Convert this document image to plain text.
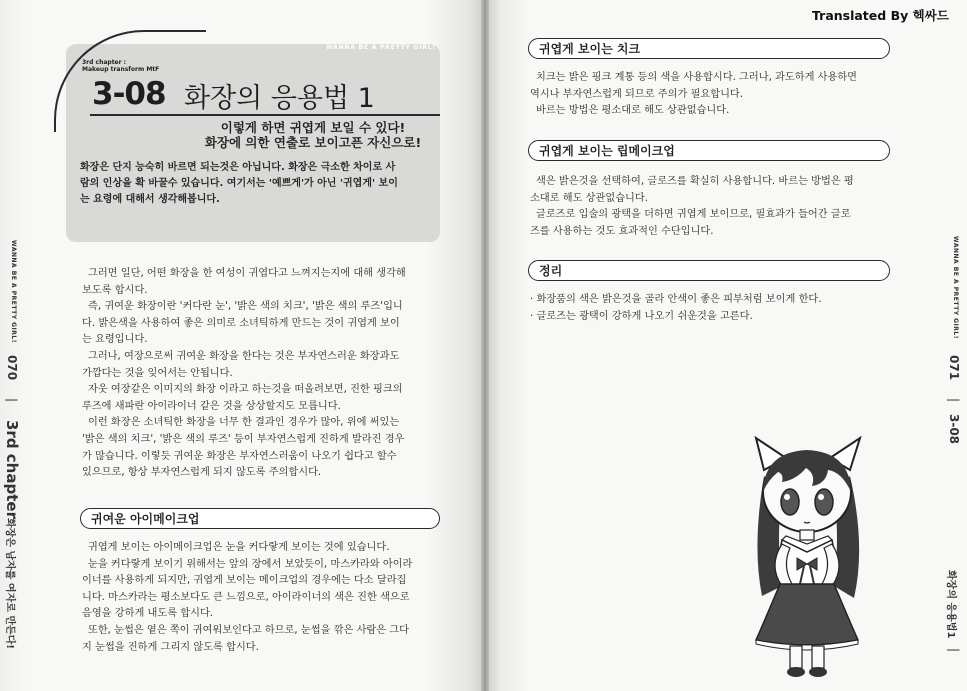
WANNA BE A PRETTY GIRL!
070
|
3rd chapter
화장은 남자를 여자로 만든다!
WANNA BE A PRETTY GIRL!
071
|
3-08
화장의 응용법1
|
WANNA BE A PRETTY GIRL!
3rd chapter :
Makeup transform MtF
3-08 화장의 응용법 1
이렇게 하면 귀엽게 보일 수 있다!
화장에 의한 연출로 보이고픈 자신으로!
화장은 단지 능숙히 바르면 되는것은 아닙니다. 화장은 극소한 차이로 사
람의 인상을 확 바꿀수 있습니다. 여기서는 '예쁘게'가 아닌 '귀엽게' 보이
는 요령에 대해서 생각해봅니다.
그러면 일단, 어떤 화장을 한 여성이 귀엽다고 느껴지는지에 대해 생각해
보도록 합시다.
즉, 귀여운 화장이란 '커다란 눈', '밝은 색의 치크', '밝은 색의 루즈'입니
다. 밝은색을 사용하여 좋은 의미로 소녀틱하게 만드는 것이 귀엽게 보이
는 요령입니다.
그러나, 여장으로써 귀여운 화장을 한다는 것은 부자연스러운 화장과도
가깝다는 것을 잊어서는 안됩니다.
자웃 여장같은 이미지의 화장 이라고 하는것을 떠올려보면, 진한 핑크의
루즈에 새파란 아이라이너 같은 것을 상상할지도 모릅니다.
이런 화장은 소녀틱한 화장을 너무 한 결과인 경우가 많아, 위에 써있는
'밝은 색의 치크', '밝은 색의 루즈' 등이 부자연스럽게 진하게 발라진 경우
가 많습니다. 이렇듯 귀여운 화장은 부자연스러움이 나오기 쉽다고 할수
있으므로, 항상 부자연스럽게 되지 않도록 주의합시다.
귀여운 아이메이크업
귀엽게 보이는 아이메이크업은 눈을 커다랗게 보이는 것에 있습니다.
눈을 커다랗게 보이기 위해서는 앞의 장에서 보았듯이, 마스카라와 아이라
이너를 사용하게 되지만, 귀엽게 보이는 메이크업의 경우에는 다소 달라집
니다. 마스카라는 평소보다도 큰 느낌으로, 아이라이너의 색은 진한 색으로
음영을 강하게 내도록 합시다.
또한, 눈썹은 옅은 쪽이 귀여워보인다고 하므로, 눈썹을 깎은 사람은 그다
지 눈썹을 진하게 그리지 않도록 합시다.
Translated By 헥싸드
귀엽게 보이는 치크
치크는 밝은 핑크 계통 등의 색을 사용합시다. 그러나, 과도하게 사용하면
역시나 부자연스럽게 되므로 주의가 필요합니다.
바르는 방법은 평소대로 해도 상관없습니다.
귀엽게 보이는 립메이크업
색은 밝은것을 선택하여, 글로즈를 확실히 사용합니다. 바르는 방법은 평
소대로 해도 상관없습니다.
글로즈로 입술의 광택을 더하면 귀엽게 보이므로, 필효과가 들어간 글로
즈를 사용하는 것도 효과적인 수단입니다.
정리
· 화장품의 색은 밝은것을 골라 안색이 좋은 피부처럼 보이게 한다.
· 글로즈는 광택이 강하게 나오기 쉬운것을 고른다.
